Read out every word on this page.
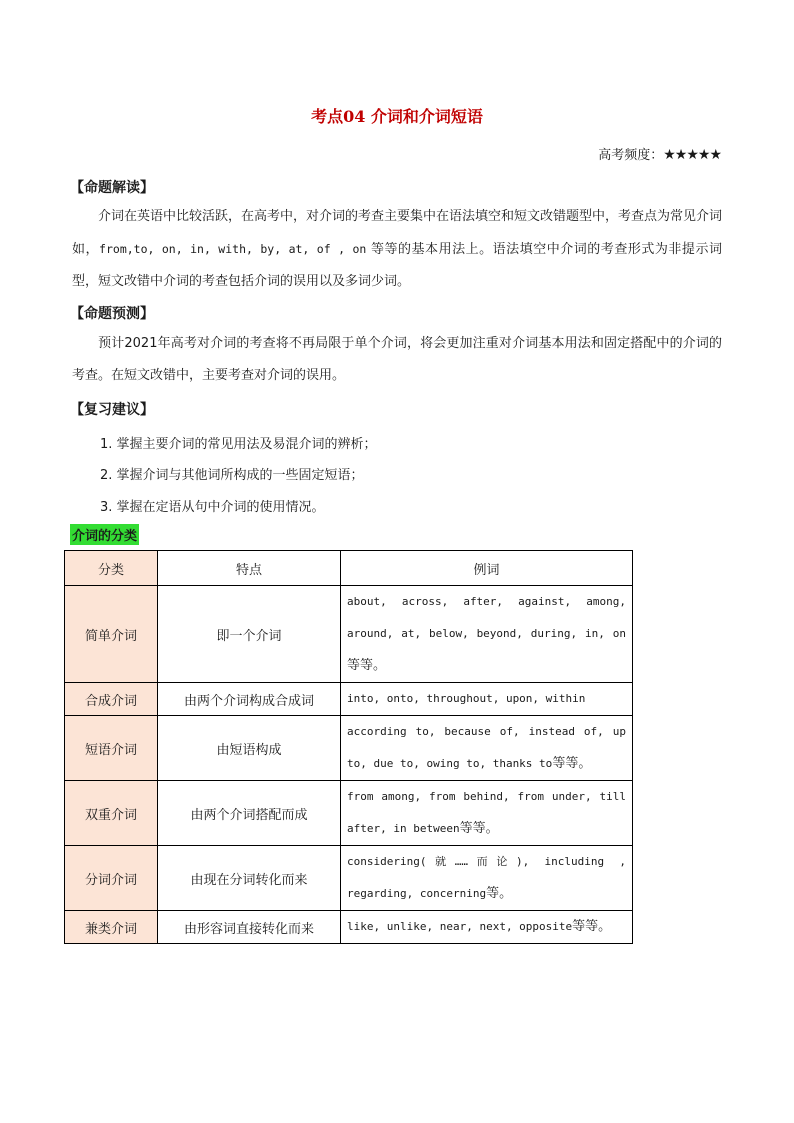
考点04 介词和介词短语
高考频度：★★★★★
【命题解读】
介词在英语中比较活跃，在高考中，对介词的考查主要集中在语法填空和短文改错题型中，考查点为常见介词如，from,to, on, in, with, by, at, of , on 等等的基本用法上。语法填空中介词的考查形式为非提示词型，短文改错中介词的考查包括介词的误用以及多词少词。
【命题预测】
预计2021年高考对介词的考查将不再局限于单个介词，将会更加注重对介词基本用法和固定搭配中的介词的考查。在短文改错中，主要考查对介词的误用。
【复习建议】
1. 掌握主要介词的常见用法及易混介词的辨析；
2. 掌握介词与其他词所构成的一些固定短语；
3. 掌握在定语从句中介词的使用情况。
介词的分类
分类	特点	例词
简单介词	即一个介词	about, across, after, against, among, around, at, below, beyond, during, in, on等等。
合成介词	由两个介词构成合成词	into, onto, throughout, upon, within
短语介词	由短语构成	according to, because of, instead of, up to, due to, owing to, thanks to等等。
双重介词	由两个介词搭配而成	from among, from behind, from under, till after, in between等等。
分词介词	由现在分词转化而来	considering(就……而论), including , regarding, concerning等。
兼类介词	由形容词直接转化而来	like, unlike, near, next, opposite等等。
